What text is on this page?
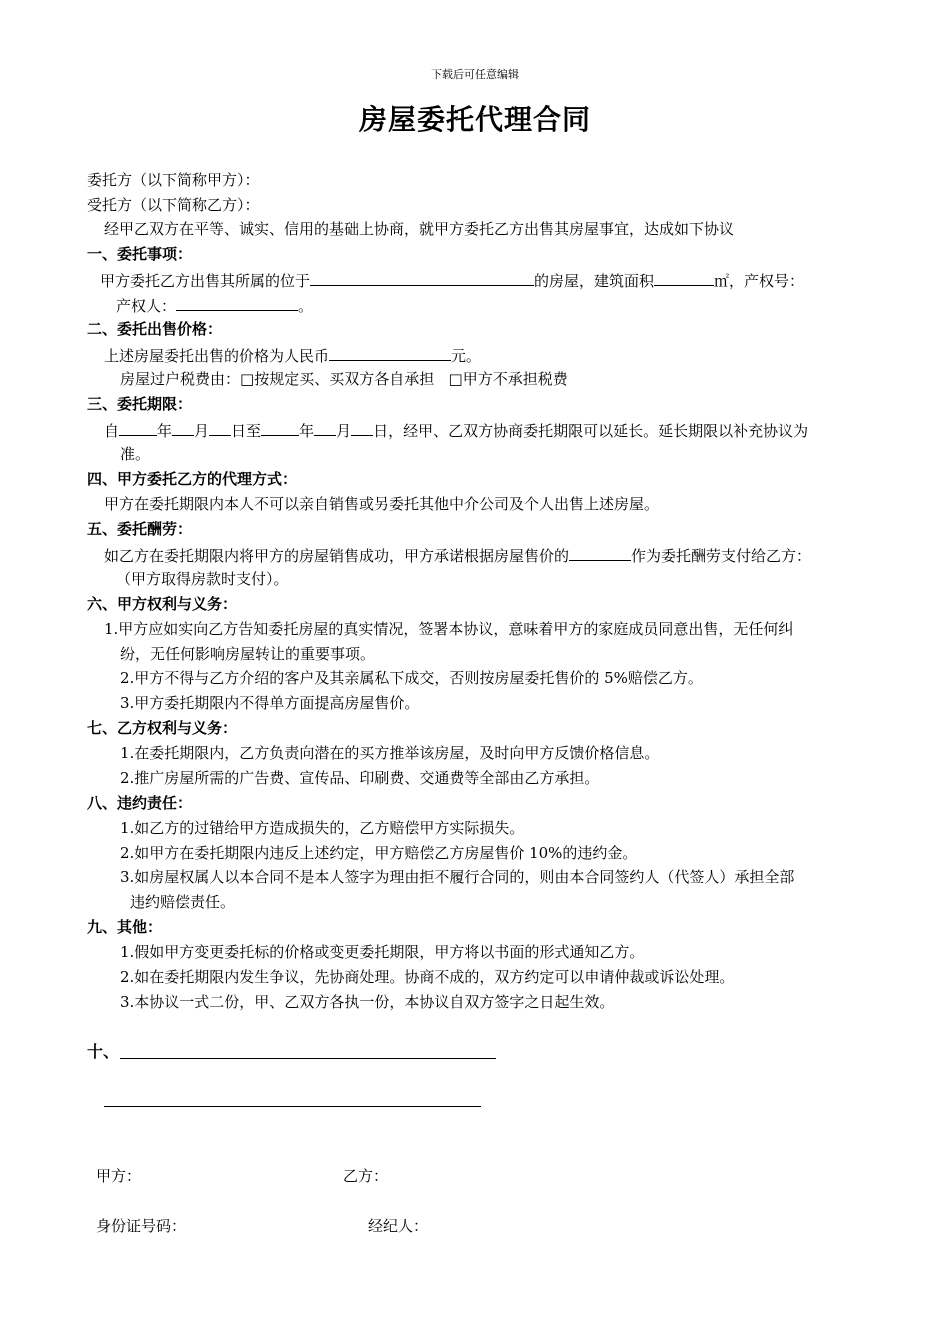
下载后可任意编辑
房屋委托代理合同
委托方（以下简称甲方）：
受托方（以下简称乙方）：
经甲乙双方在平等、诚实、信用的基础上协商，就甲方委托乙方出售其房屋事宜，达成如下协议
一、委托事项：
甲方委托乙方出售其所属的位于	的房屋，建筑面积	㎡，产权号：
产权人：	。
二、委托出售价格：
上述房屋委托出售的价格为人民币	元。
房屋过户税费由：□按规定买、买双方各自承担 □甲方不承担税费
三、委托期限：
自	年 月 日至	年 月 日，经甲、乙双方协商委托期限可以延长。延长期限以补充协议为
准。
四、甲方委托乙方的代理方式：
甲方在委托期限内本人不可以亲自销售或另委托其他中介公司及个人出售上述房屋。
五、委托酬劳：
如乙方在委托期限内将甲方的房屋销售成功，甲方承诺根据房屋售价的	作为委托酬劳支付给乙方：
（甲方取得房款时支付）。
六、甲方权利与义务：
1.甲方应如实向乙方告知委托房屋的真实情况，签署本协议，意味着甲方的家庭成员同意出售，无任何纠
纷，无任何影响房屋转让的重要事项。
2.甲方不得与乙方介绍的客户及其亲属私下成交，否则按房屋委托售价的 5%赔偿乙方。
3.甲方委托期限内不得单方面提高房屋售价。
七、乙方权利与义务：
1.在委托期限内，乙方负责向潜在的买方推举该房屋，及时向甲方反馈价格信息。
2.推广房屋所需的广告费、宣传品、印刷费、交通费等全部由乙方承担。
八、违约责任：
1.如乙方的过错给甲方造成损失的，乙方赔偿甲方实际损失。
2.如甲方在委托期限内违反上述约定，甲方赔偿乙方房屋售价 10%的违约金。
3.如房屋权属人以本合同不是本人签字为理由拒不履行合同的，则由本合同签约人（代签人）承担全部
违约赔偿责任。
九、其他：
1.假如甲方变更委托标的价格或变更委托期限，甲方将以书面的形式通知乙方。
2.如在委托期限内发生争议，先协商处理。协商不成的，双方约定可以申请仲裁或诉讼处理。
3.本协议一式二份，甲、乙双方各执一份，本协议自双方签字之日起生效。
十、
甲方：	乙方：
身份证号码：	经纪人：
